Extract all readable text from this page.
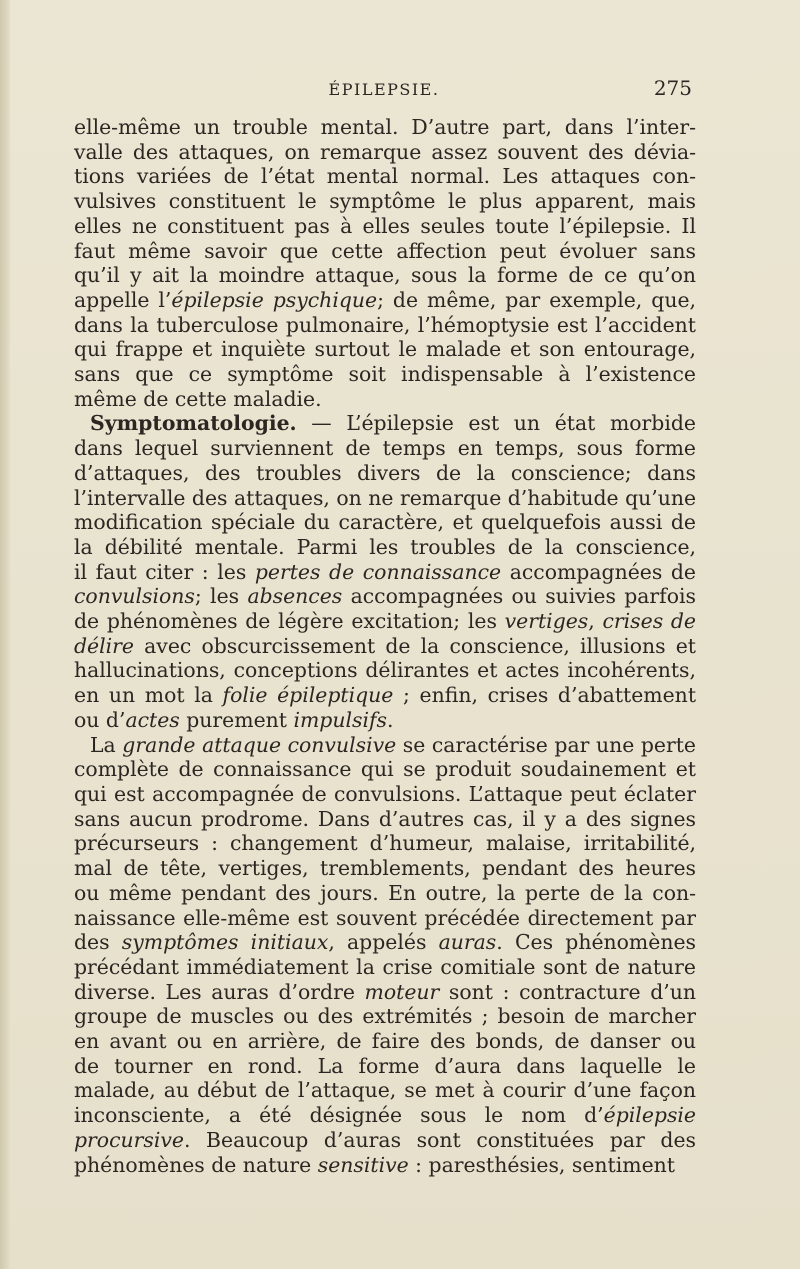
ÉPILEPSIE.	275
elle-même un trouble mental. D’autre part, dans l’inter-
valle des attaques, on remarque assez souvent des dévia-
tions variées de l’état mental normal. Les attaques con-
vulsives constituent le symptôme le plus apparent, mais
elles ne constituent pas à elles seules toute l’épilepsie. Il
faut même savoir que cette affection peut évoluer sans
qu’il y ait la moindre attaque, sous la forme de ce qu’on
appelle l’épilepsie psychique; de même, par exemple, que,
dans la tuberculose pulmonaire, l’hémoptysie est l’accident
qui frappe et inquiète surtout le malade et son entourage,
sans que ce symptôme soit indispensable à l’existence
même de cette maladie.
Symptomatologie. — L’épilepsie est un état morbide
dans lequel surviennent de temps en temps, sous forme
d’attaques, des troubles divers de la conscience; dans
l’intervalle des attaques, on ne remarque d’habitude qu’une
modification spéciale du caractère, et quelquefois aussi de
la débilité mentale. Parmi les troubles de la conscience,
il faut citer : les pertes de connaissance accompagnées de
convulsions; les absences accompagnées ou suivies parfois
de phénomènes de légère excitation; les vertiges, crises de
délire avec obscurcissement de la conscience, illusions et
hallucinations, conceptions délirantes et actes incohérents,
en un mot la folie épileptique ; enfin, crises d’abattement
ou d’actes purement impulsifs.
La grande attaque convulsive se caractérise par une perte
complète de connaissance qui se produit soudainement et
qui est accompagnée de convulsions. L’attaque peut éclater
sans aucun prodrome. Dans d’autres cas, il y a des signes
précurseurs : changement d’humeur, malaise, irritabilité,
mal de tête, vertiges, tremblements, pendant des heures
ou même pendant des jours. En outre, la perte de la con-
naissance elle-même est souvent précédée directement par
des symptômes initiaux, appelés auras. Ces phénomènes
précédant immédiatement la crise comitiale sont de nature
diverse. Les auras d’ordre moteur sont : contracture d’un
groupe de muscles ou des extrémités ; besoin de marcher
en avant ou en arrière, de faire des bonds, de danser ou
de tourner en rond. La forme d’aura dans laquelle le
malade, au début de l’attaque, se met à courir d’une façon
inconsciente, a été désignée sous le nom d’épilepsie
procursive. Beaucoup d’auras sont constituées par des
phénomènes de nature sensitive : paresthésies, sentiment
